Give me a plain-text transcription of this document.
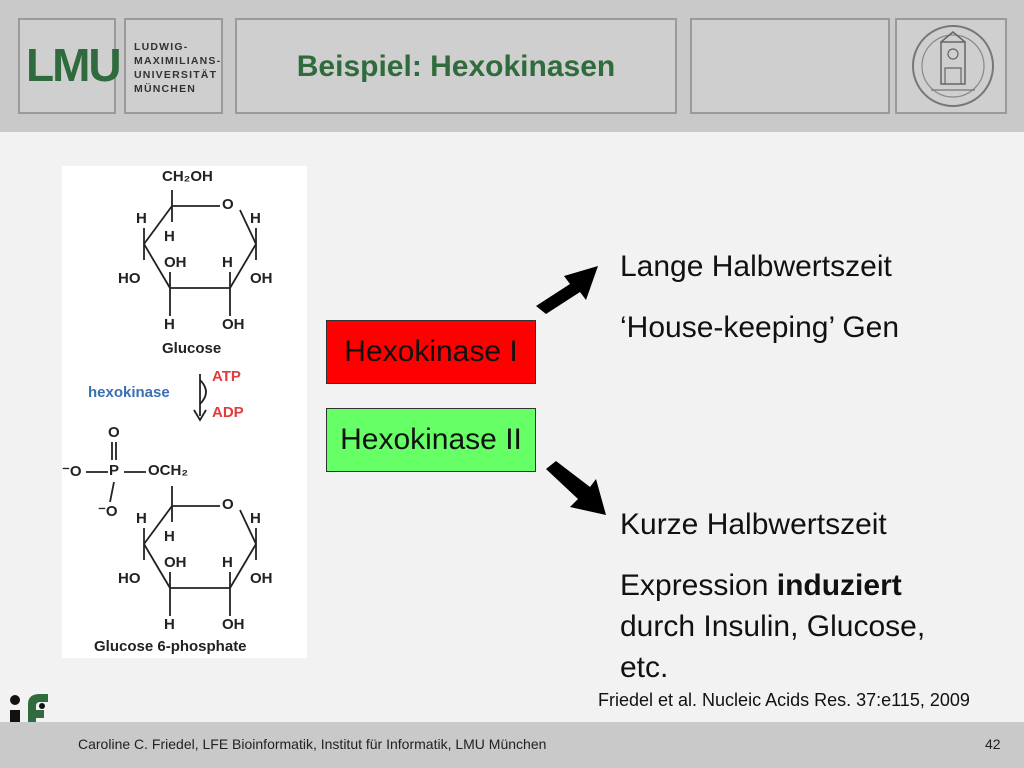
LMU LUDWIG-
MAXIMILIANS-
UNIVERSITÄT
MÜNCHEN
Beispiel: Hexokinasen
CH₂OH
O
H	H
H
OH H
HO	OH
H	OH
Glucose
hexokinase
ATP
ADP
O
⁻O P OCH₂
⁻O	O
H	H
H
OH H
HO	OH
H	OH
Glucose 6-phosphate
Hexokinase I
Hexokinase II
Lange Halbwertszeit
‘House-keeping’ Gen
Kurze Halbwertszeit
Expression induziert
durch Insulin, Glucose,
etc.
Friedel et al. Nucleic Acids Res. 37:e115, 2009
Caroline C. Friedel, LFE Bioinformatik, Institut für Informatik, LMU München	42
